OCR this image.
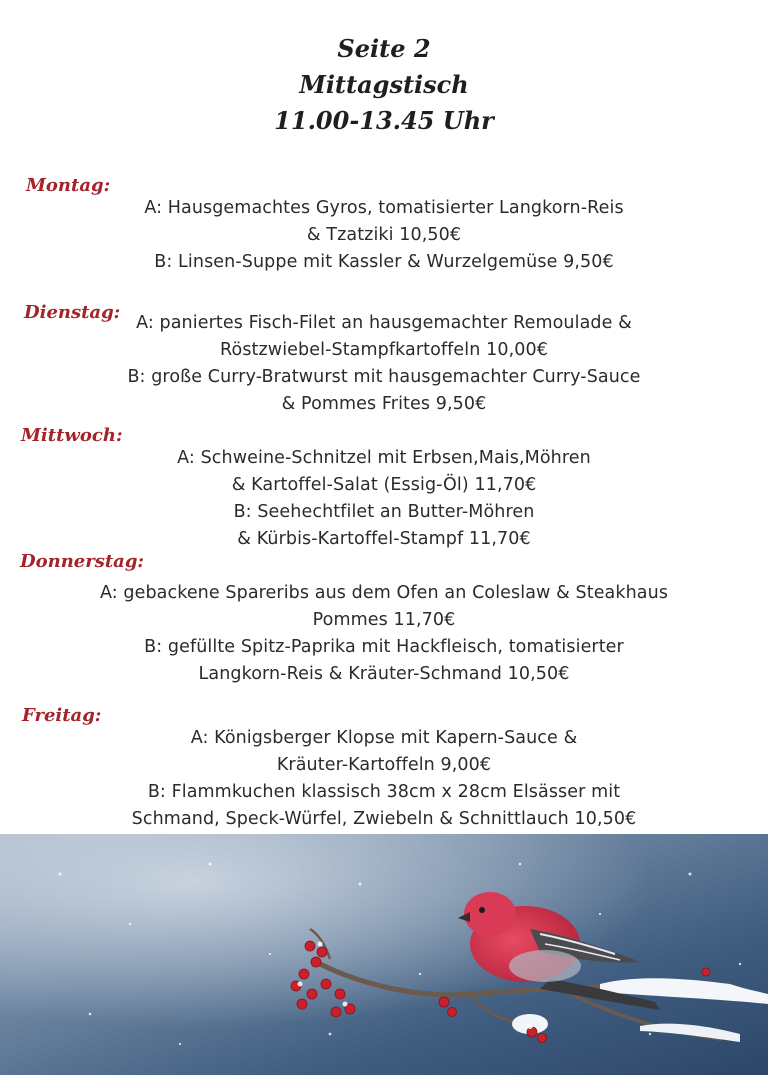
Seite 2
Mittagstisch
11.00-13.45 Uhr
Montag:
A: Hausgemachtes Gyros, tomatisierter Langkorn-Reis
& Tzatziki 10,50€
B: Linsen-Suppe mit Kassler & Wurzelgemüse 9,50€
Dienstag: A: paniertes Fisch-Filet an hausgemachter Remoulade &
Röstzwiebel-Stampfkartoffeln 10,00€
B: große Curry-Bratwurst mit hausgemachter Curry-Sauce
& Pommes Frites 9,50€
Mittwoch:
A: Schweine-Schnitzel mit Erbsen,Mais,Möhren
& Kartoffel-Salat (Essig-Öl) 11,70€
B: Seehechtfilet an Butter-Möhren
& Kürbis-Kartoffel-Stampf 11,70€
Donnerstag:
A: gebackene Spareribs aus dem Ofen an Coleslaw & Steakhaus
Pommes 11,70€
B: gefüllte Spitz-Paprika mit Hackfleisch, tomatisierter
Langkorn-Reis & Kräuter-Schmand 10,50€
Freitag:
A: Königsberger Klopse mit Kapern-Sauce &
Kräuter-Kartoffeln 9,00€
B: Flammkuchen klassisch 38cm x 28cm Elsässer mit
Schmand, Speck-Würfel, Zwiebeln & Schnittlauch 10,50€
